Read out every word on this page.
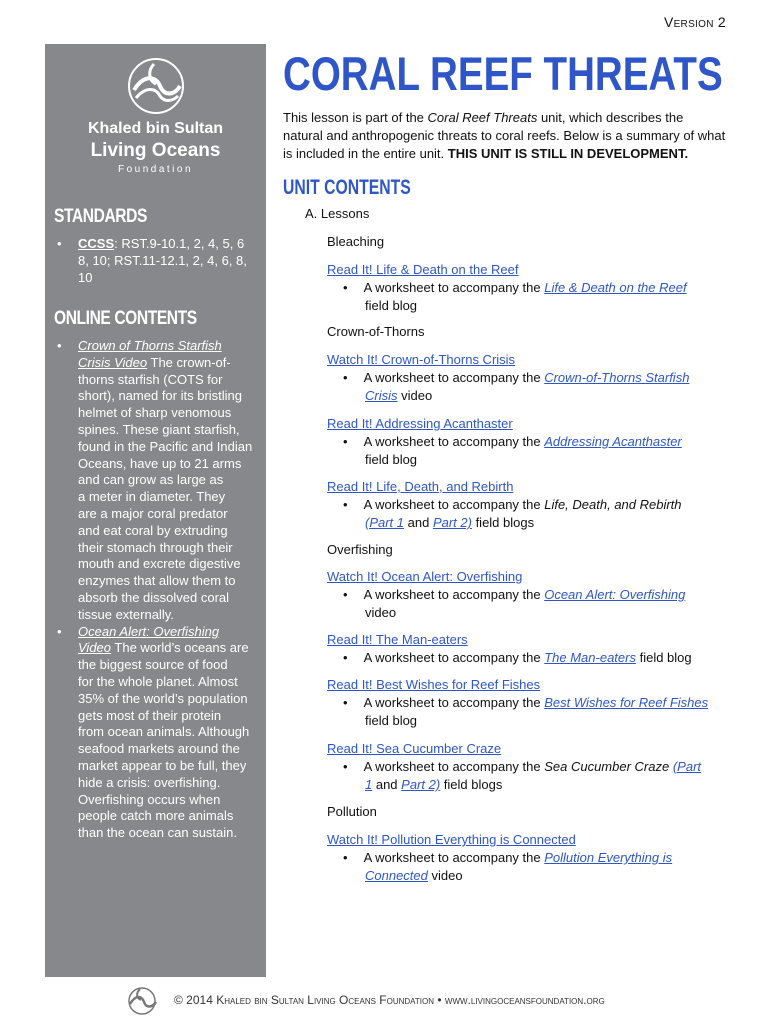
Version 2
Khaled bin Sultan
Living Oceans
Foundation
STANDARDS
• CCSS: RST.9-10.1, 2, 4, 5, 6
8, 10; RST.11-12.1, 2, 4, 6, 8,
10
ONLINE CONTENTS
• Crown of Thorns Starfish
Crisis Video The crown-of-
thorns starfish (COTS for
short), named for its bristling
helmet of sharp venomous
spines. These giant starfish,
found in the Pacific and Indian
Oceans, have up to 21 arms
and can grow as large as
a meter in diameter. They
are a major coral predator
and eat coral by extruding
their stomach through their
mouth and excrete digestive
enzymes that allow them to
absorb the dissolved coral
tissue externally.
• Ocean Alert: Overfishing
Video The world’s oceans are
the biggest source of food
for the whole planet. Almost
35% of the world’s population
gets most of their protein
from ocean animals. Although
seafood markets around the
market appear to be full, they
hide a crisis: overfishing.
Overfishing occurs when
people catch more animals
than the ocean can sustain.
CORAL REEF THREATS
This lesson is part of the Coral Reef Threats unit, which describes the
natural and anthropogenic threats to coral reefs. Below is a summary of what
is included in the entire unit. THIS UNIT IS STILL IN DEVELOPMENT.
UNIT CONTENTS
A. Lessons
Bleaching
Read It! Life & Death on the Reef
• A worksheet to accompany the Life & Death on the Reef
field blog
Crown-of-Thorns
Watch It! Crown-of-Thorns Crisis
• A worksheet to accompany the Crown-of-Thorns Starfish
Crisis video
Read It! Addressing Acanthaster
• A worksheet to accompany the Addressing Acanthaster
field blog
Read It! Life, Death, and Rebirth
• A worksheet to accompany the Life, Death, and Rebirth
(Part 1 and Part 2) field blogs
Overfishing
Watch It! Ocean Alert: Overfishing
• A worksheet to accompany the Ocean Alert: Overfishing
video
Read It! The Man-eaters
• A worksheet to accompany the The Man-eaters field blog
Read It! Best Wishes for Reef Fishes
• A worksheet to accompany the Best Wishes for Reef Fishes
field blog
Read It! Sea Cucumber Craze
• A worksheet to accompany the Sea Cucumber Craze (Part
1 and Part 2) field blogs
Pollution
Watch It! Pollution Everything is Connected
• A worksheet to accompany the Pollution Everything is
Connected video
© 2014 Khaled bin Sultan Living Oceans Foundation • www.livingoceansfoundation.org
